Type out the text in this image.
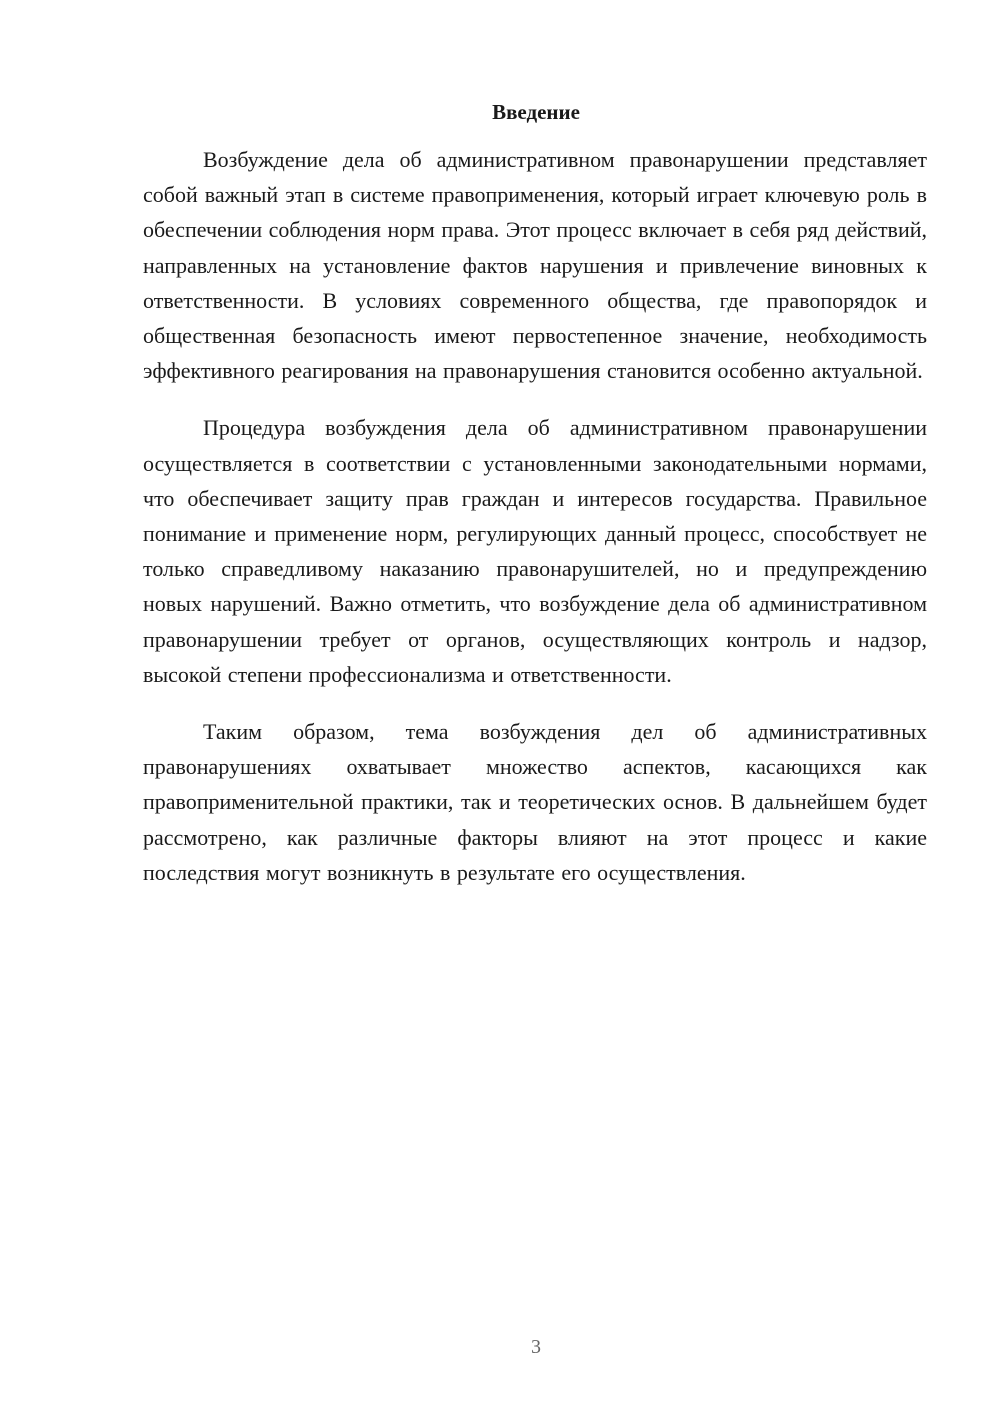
Введение

Возбуждение дела об административном правонарушении представляет собой важный этап в системе правоприменения, который играет ключевую роль в обеспечении соблюдения норм права. Этот процесс включает в себя ряд действий, направленных на установление фактов нарушения и привлечение виновных к ответственности. В условиях современного общества, где правопорядок и общественная безопасность имеют первостепенное значение, необходимость эффективного реагирования на правонарушения становится особенно актуальной.

Процедура возбуждения дела об административном правонарушении осуществляется в соответствии с установленными законодательными нормами, что обеспечивает защиту прав граждан и интересов государства. Правильное понимание и применение норм, регулирующих данный процесс, способствует не только справедливому наказанию правонарушителей, но и предупреждению новых нарушений. Важно отметить, что возбуждение дела об административном правонарушении требует от органов, осуществляющих контроль и надзор, высокой степени профессионализма и ответственности.

Таким образом, тема возбуждения дел об административных правонарушениях охватывает множество аспектов, касающихся как правоприменительной практики, так и теоретических основ. В дальнейшем будет рассмотрено, как различные факторы влияют на этот процесс и какие последствия могут возникнуть в результате его осуществления.

3
